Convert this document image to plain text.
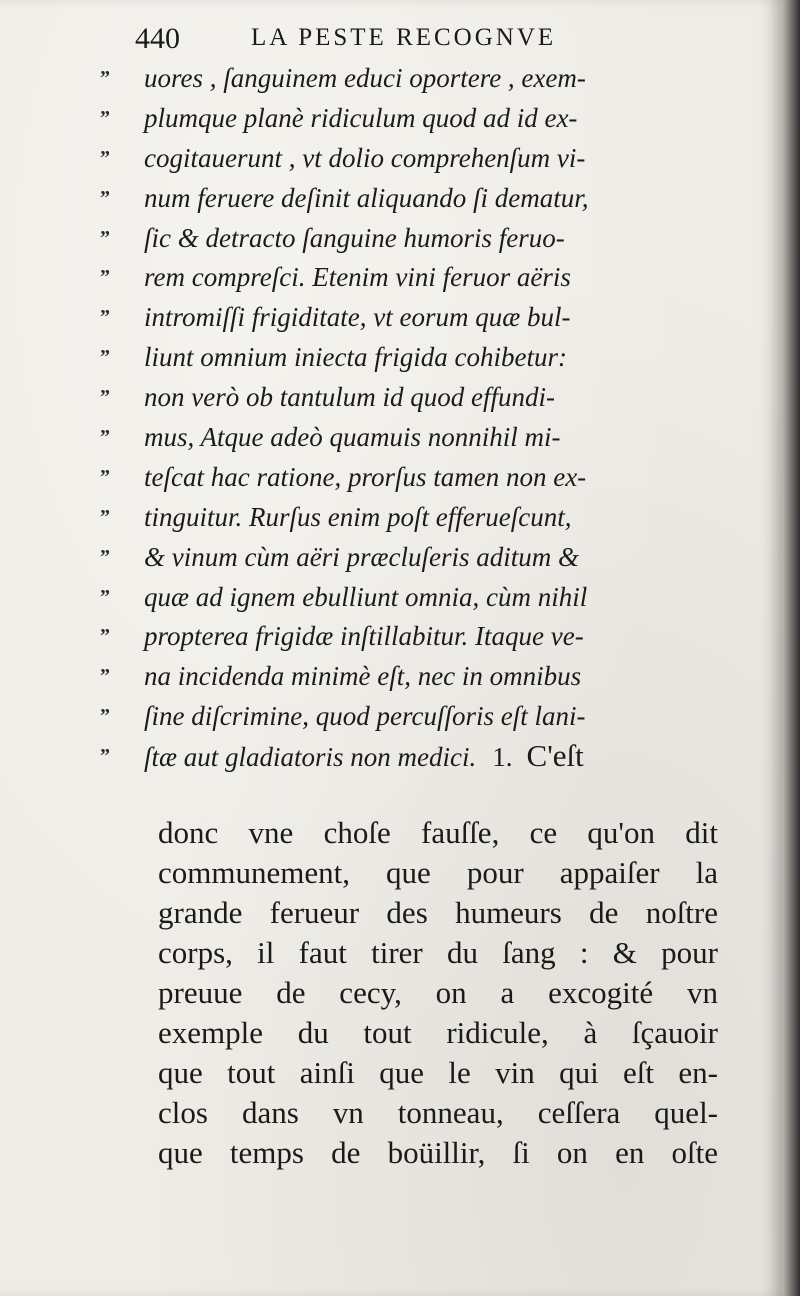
440	LA PESTE RECOGNVE
” uores , ſanguinem educi oportere , exem-
” plumque planè ridiculum quod ad id ex-
” cogitauerunt , vt dolio comprehenſum vi-
” num feruere deſinit aliquando ſi dematur,
” ſic & detracto ſanguine humoris feruo-
” rem compreſci. Etenim vini feruor aëris
” intromiſſi frigiditate, vt eorum quæ bul-
” liunt omnium iniecta frigida cohibetur:
” non verò ob tantulum id quod effundi-
” mus, Atque adeò quamuis nonnihil mi-
” teſcat hac ratione, prorſus tamen non ex-
” tinguitur. Rurſus enim poſt efferueſcunt,
” & vinum cùm aëri præcluſeris aditum &
” quæ ad ignem ebulliunt omnia, cùm nihil
” propterea frigidæ inſtillabitur. Itaque ve-
” na incidenda minimè eſt, nec in omnibus
” ſine diſcrimine, quod percuſſoris eſt lani-
” ſtæ aut gladiatoris non medici. 1. C'eſt
donc vne choſe fauſſe, ce qu'on dit
communement, que pour appaiſer la
grande ferueur des humeurs de noſtre
corps, il faut tirer du ſang : & pour
preuue de cecy, on a excogité vn
exemple du tout ridicule, à ſçauoir
que tout ainſi que le vin qui eſt en-
clos dans vn tonneau, ceſſera quel-
que temps de boüillir, ſi on en oſte
